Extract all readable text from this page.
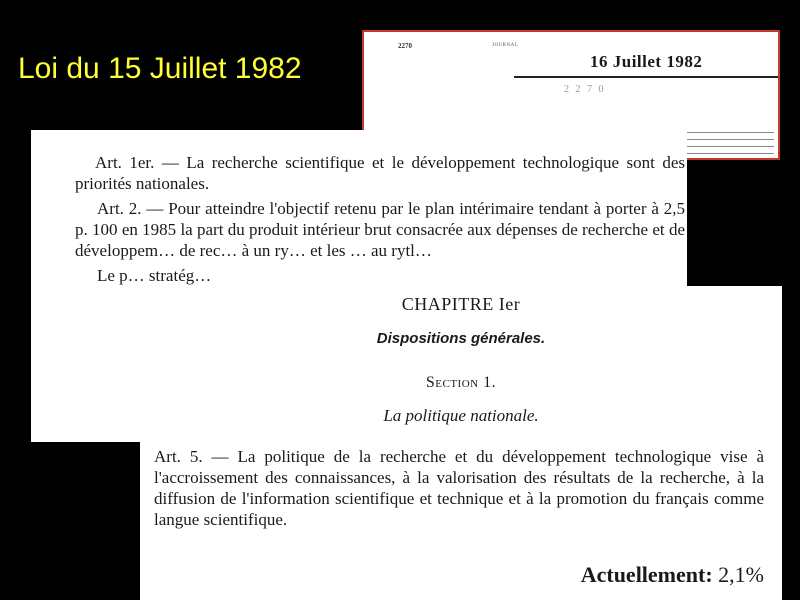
Loi du 15 Juillet 1982
2270	JOURNAL
16 Juillet 1982
2 2 7 0

Art. 1er. — La recherche scientifique et le développement technologique sont des priorités nationales.

Art. 2. — Pour atteindre l'objectif retenu par le plan intérimaire tendant à porter à 2,5 p. 100 en 1985 la part du produit intérieur brut consacrée aux dépenses de recherche et de développem… de rec… à un ry… et les … au rytl…

Le p… stratég…

CHAPITRE Ier
Dispositions générales.
Section 1.
La politique nationale.
Art. 5. — La politique de la recherche et du développement technologique vise à l'accroissement des connaissances, à la valorisation des résultats de la recherche, à la diffusion de l'information scientifique et technique et à la promotion du français comme langue scientifique.
Actuellement: 2,1%
